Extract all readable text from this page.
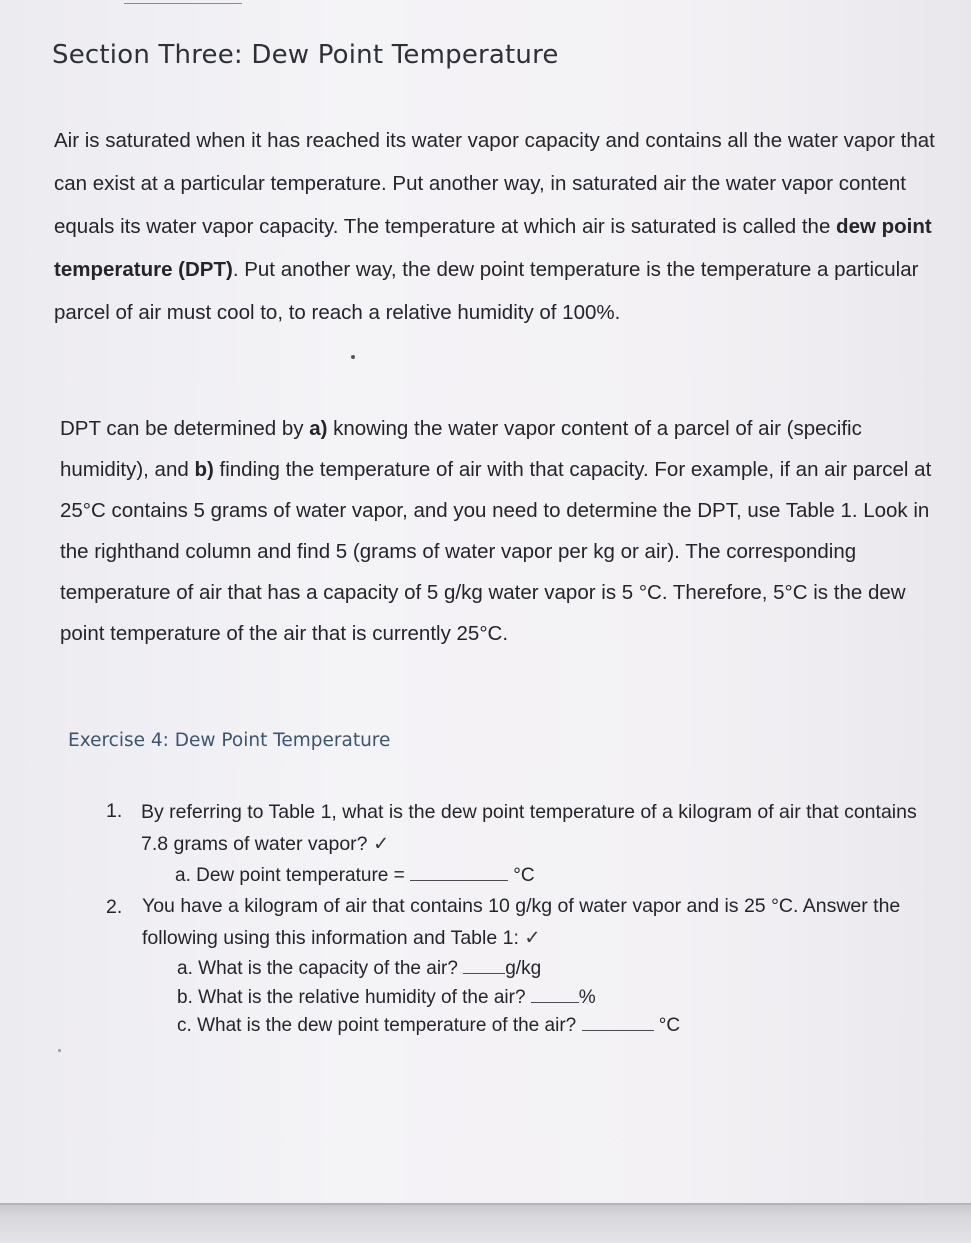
Section Three: Dew Point Temperature

Air is saturated when it has reached its water vapor capacity and contains all the water vapor that can exist at a particular temperature. Put another way, in saturated air the water vapor content equals its water vapor capacity. The temperature at which air is saturated is called the dew point temperature (DPT). Put another way, the dew point temperature is the temperature a particular parcel of air must cool to, to reach a relative humidity of 100%.

DPT can be determined by a) knowing the water vapor content of a parcel of air (specific humidity), and b) finding the temperature of air with that capacity. For example, if an air parcel at 25°C contains 5 grams of water vapor, and you need to determine the DPT, use Table 1. Look in the righthand column and find 5 (grams of water vapor per kg or air). The corresponding temperature of air that has a capacity of 5 g/kg water vapor is 5 °C. Therefore, 5°C is the dew point temperature of the air that is currently 25°C.

Exercise 4: Dew Point Temperature
1. By referring to Table 1, what is the dew point temperature of a kilogram of air that contains 7.8 grams of water vapor? ✓

a. Dew point temperature =	°C
2. You have a kilogram of air that contains 10 g/kg of water vapor and is 25 °C. Answer the following using this information and Table 1: ✓

a. What is the capacity of the air? g/kg
b. What is the relative humidity of the air?	%
c. What is the dew point temperature of the air?	°C
